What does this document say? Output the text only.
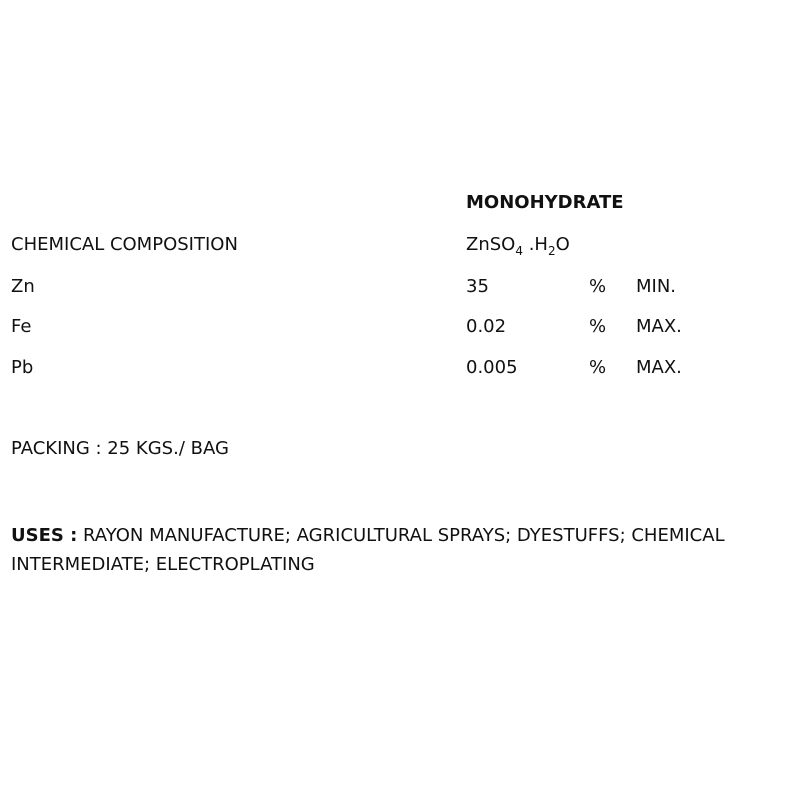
MONOHYDRATE
CHEMICAL COMPOSITION	ZnSO$_4$ $.H_2O$
Zn	35	% MIN.
Fe	0.02	% MAX.
Pb	0.005	% MAX.
PACKING : 25 KGS./ BAG
USES : RAYON MANUFACTURE; AGRICULTURAL SPRAYS; DYESTUFFS; CHEMICAL INTERMEDIATE; ELECTROPLATING
